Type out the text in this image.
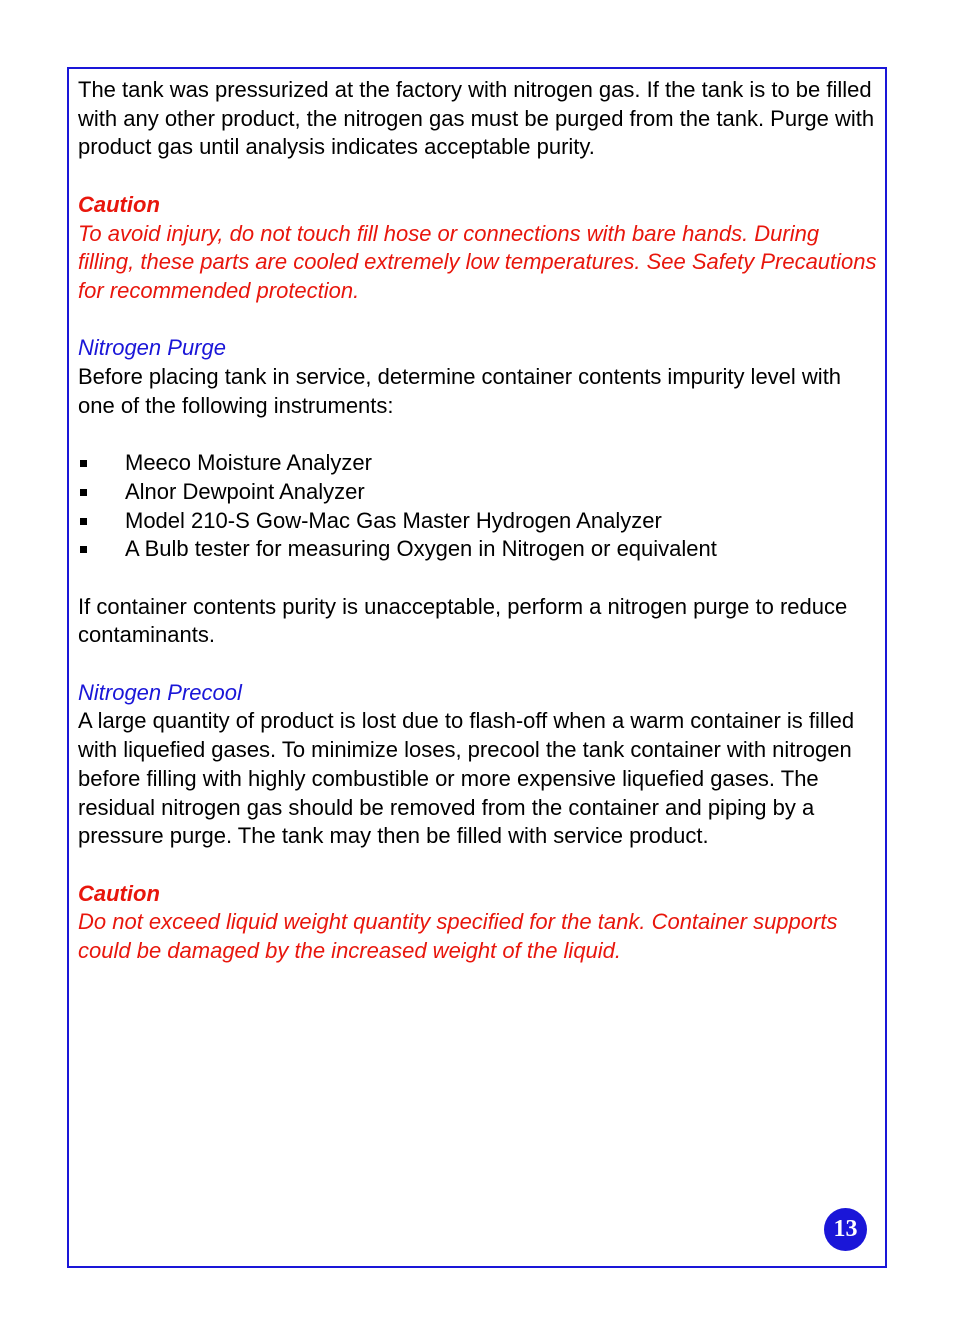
The tank was pressurized at the factory with nitrogen gas. If the tank is to be filled with any other product, the nitrogen gas must be purged from the tank. Purge with product gas until analysis indicates acceptable purity.

Caution

To avoid injury, do not touch fill hose or connections with bare hands. During filling, these parts are cooled extremely low temperatures. See Safety Precautions for recommended protection.

Nitrogen Purge

Before placing tank in service, determine container contents impurity level with one of the following instruments:

Meeco Moisture Analyzer
Alnor Dewpoint Analyzer
Model 210-S Gow-Mac Gas Master Hydrogen Analyzer
A Bulb tester for measuring Oxygen in Nitrogen or equivalent

If container contents purity is unacceptable, perform a nitrogen purge to reduce contaminants.

Nitrogen Precool

A large quantity of product is lost due to flash-off when a warm container is filled with liquefied gases. To minimize loses, precool the tank container with nitrogen before filling with highly combustible or more expensive liquefied gases. The residual nitrogen gas should be removed from the container and piping by a pressure purge. The tank may then be filled with service product.

Caution

Do not exceed liquid weight quantity specified for the tank. Container supports could be damaged by the increased weight of the liquid.

13
